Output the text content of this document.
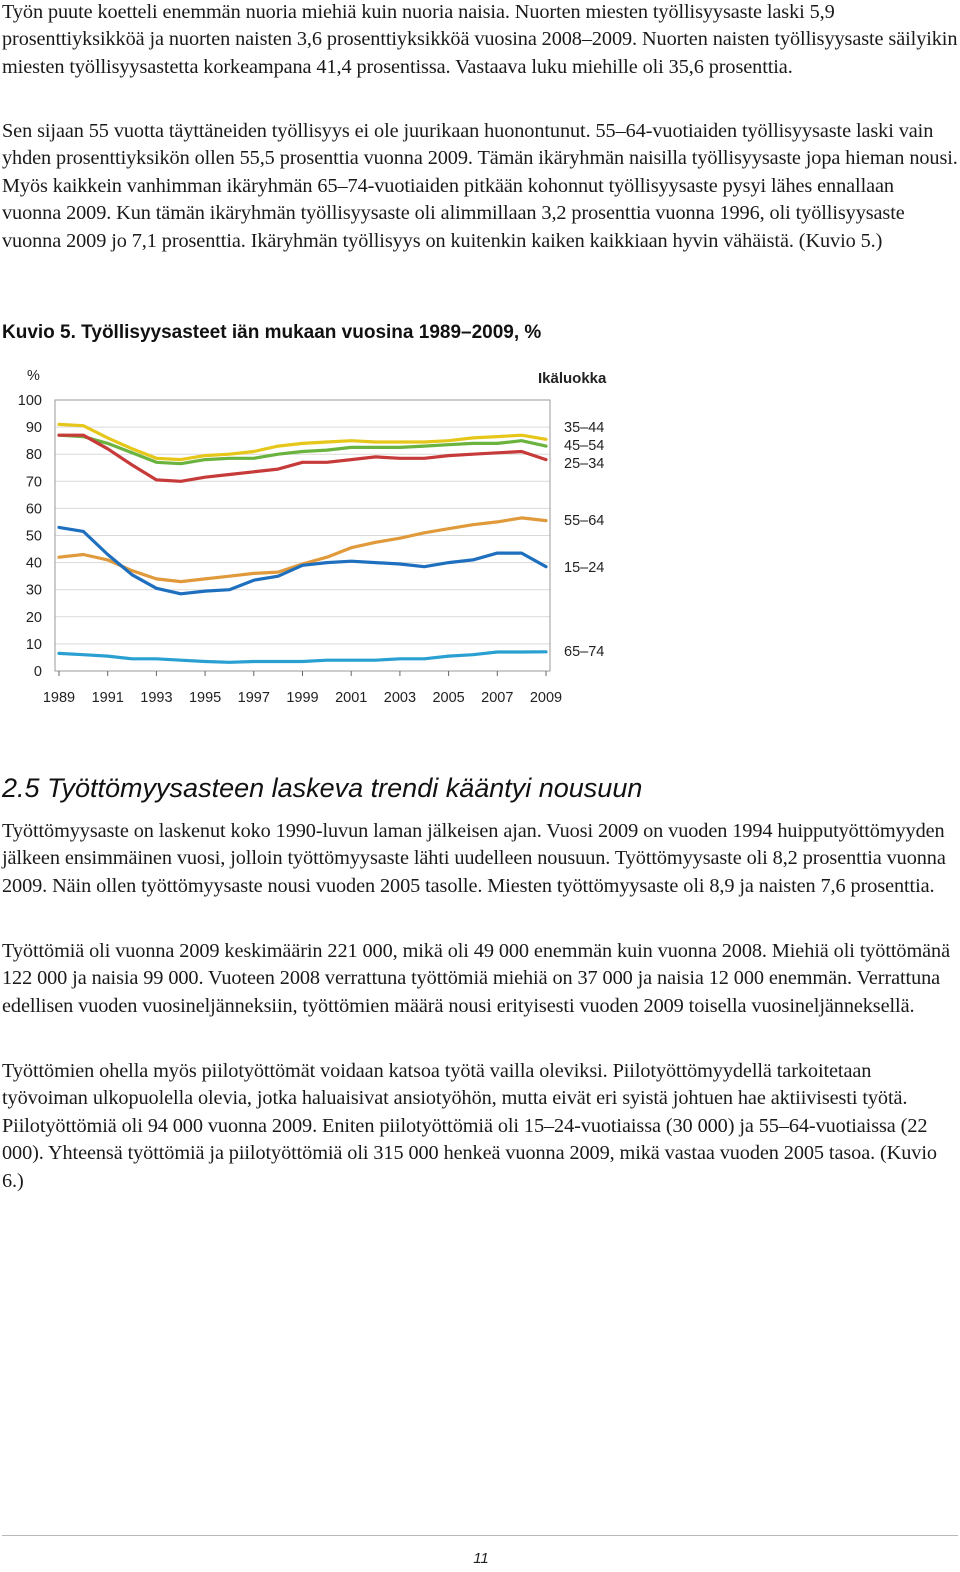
Työn puute koetteli enemmän nuoria miehiä kuin nuoria naisia. Nuorten miesten työllisyysaste laski 5,9 prosenttiyksikköä ja nuorten naisten 3,6 prosenttiyksikköä vuosina 2008–2009. Nuorten naisten työllisyysaste säilyikin miesten työllisyysastetta korkeampana 41,4 prosentissa. Vastaava luku miehille oli 35,6 prosenttia.

Sen sijaan 55 vuotta täyttäneiden työllisyys ei ole juurikaan huonontunut. 55–64-vuotiaiden työllisyysaste laski vain yhden prosenttiyksikön ollen 55,5 prosenttia vuonna 2009. Tämän ikäryhmän naisilla työllisyysaste jopa hieman nousi. Myös kaikkein vanhimman ikäryhmän 65–74-vuotiaiden pitkään kohonnut työllisyysaste pysyi lähes ennallaan vuonna 2009. Kun tämän ikäryhmän työllisyysaste oli alimmillaan 3,2 prosenttia vuonna 1996, oli työllisyysaste vuonna 2009 jo 7,1 prosenttia. Ikäryhmän työllisyys on kuitenkin kaiken kaikkiaan hyvin vähäistä. (Kuvio 5.)

Kuvio 5. Työllisyysasteet iän mukaan vuosina 1989–2009, %
35–44
45–54
25–34
55–64
15–24
65–74
0
10
20
30
40
50
60
70
80
90
100
1989 1991 1993 1995 1997 1999 2001 2003 2005 2007 2009
%	Ikäluokka
2.5 Työttömyysasteen laskeva trendi kääntyi nousuun

Työttömyysaste on laskenut koko 1990-luvun laman jälkeisen ajan. Vuosi 2009 on vuoden 1994 huipputyöttömyyden jälkeen ensimmäinen vuosi, jolloin työttömyysaste lähti uudelleen nousuun. Työttömyysaste oli 8,2 prosenttia vuonna 2009. Näin ollen työttömyysaste nousi vuoden 2005 tasolle. Miesten työttömyysaste oli 8,9 ja naisten 7,6 prosenttia.

Työttömiä oli vuonna 2009 keskimäärin 221 000, mikä oli 49 000 enemmän kuin vuonna 2008. Miehiä oli työttömänä 122 000 ja naisia 99 000. Vuoteen 2008 verrattuna työttömiä miehiä on 37 000 ja naisia 12 000 enemmän. Verrattuna edellisen vuoden vuosineljänneksiin, työttömien määrä nousi erityisesti vuoden 2009 toisella vuosineljänneksellä.

Työttömien ohella myös piilotyöttömät voidaan katsoa työtä vailla oleviksi. Piilotyöttömyydellä tarkoitetaan työvoiman ulkopuolella olevia, jotka haluaisivat ansiotyöhön, mutta eivät eri syistä johtuen hae aktiivisesti työtä. Piilotyöttömiä oli 94 000 vuonna 2009. Eniten piilotyöttömiä oli 15–24-vuotiaissa (30 000) ja 55–64-vuotiaissa (22 000). Yhteensä työttömiä ja piilotyöttömiä oli 315 000 henkeä vuonna 2009, mikä vastaa vuoden 2005 tasoa. (Kuvio 6.)

11
